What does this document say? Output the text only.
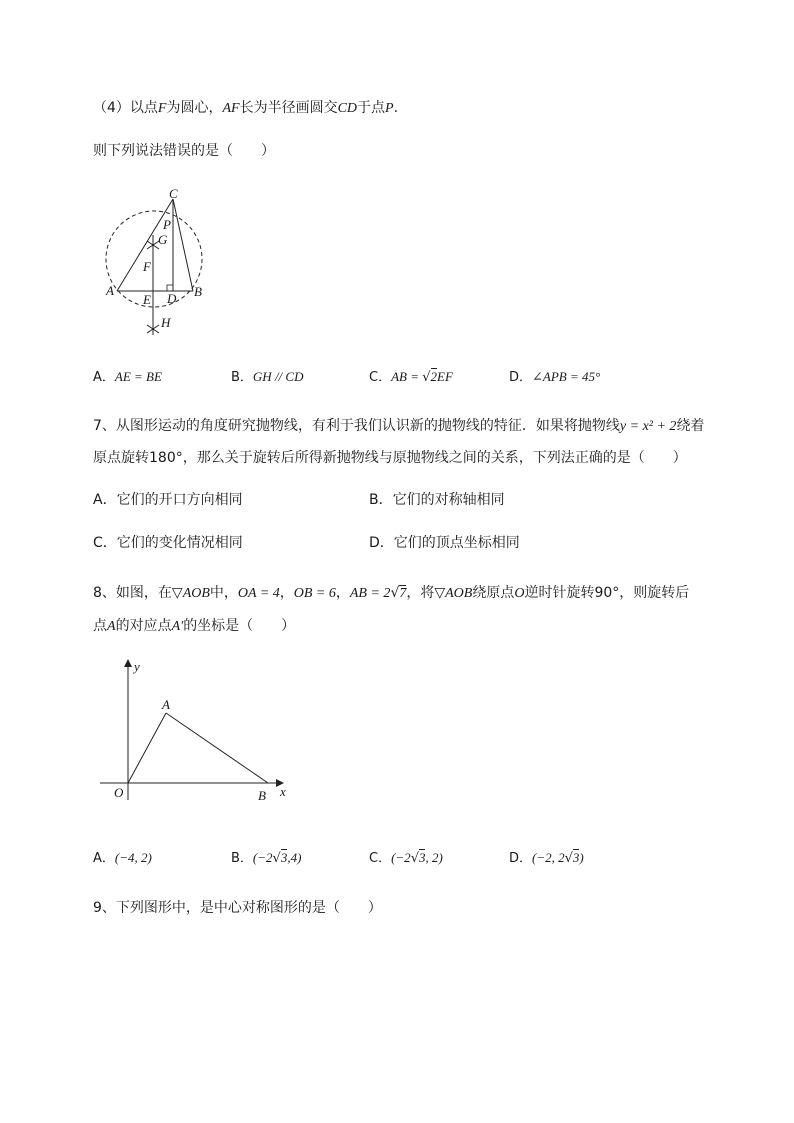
（4）以点F为圆心，AF长为半径画圆交CD于点P.
则下列说法错误的是（　　）
C
P
G
F
A
E D B
H
A．AE = BE	B．GH // CD	C．AB = √2EF	D．∠APB = 45°
7、从图形运动的角度研究抛物线，有利于我们认识新的抛物线的特征．如果将抛物线y = x² + 2绕着
原点旋转180°，那么关于旋转后所得新抛物线与原抛物线之间的关系，下列法正确的是（　　）
A．它们的开口方向相同	B．它们的对称轴相同
C．它们的变化情况相同	D．它们的顶点坐标相同
8、如图，在▽AOB中，OA = 4，OB = 6，AB = 2√7，将▽AOB绕原点O逆时针旋转90°，则旋转后
点A的对应点A′的坐标是（　　）
y
x
O
A
B
A．(−4, 2)	B．(−2√3,4)	C．(−2√3, 2)	D．(−2, 2√3)
9、下列图形中，是中心对称图形的是（　　）
